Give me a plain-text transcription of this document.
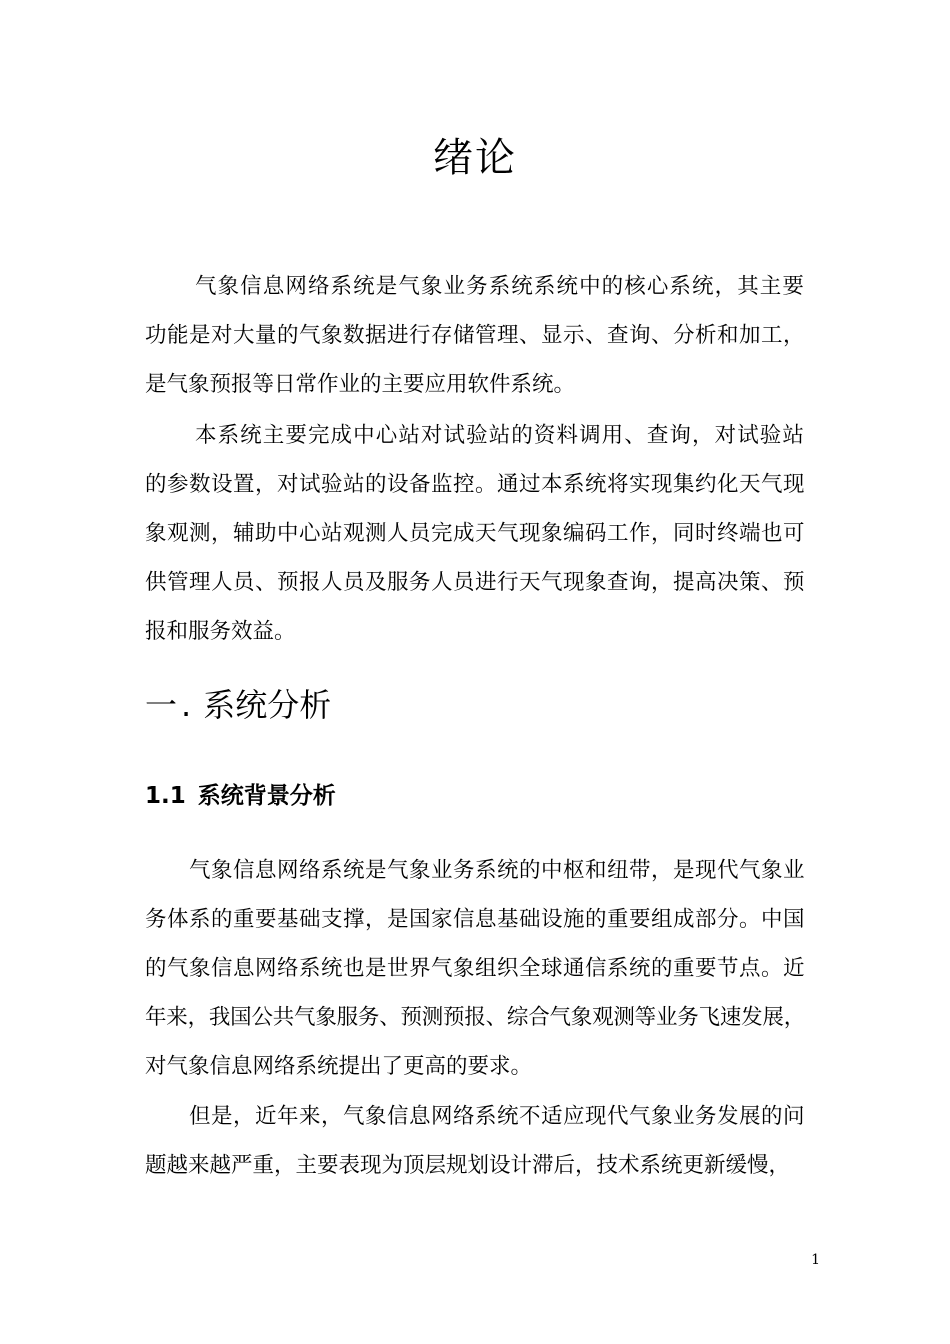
绪论
气象信息网络系统是气象业务系统系统中的核心系统，其主要
功能是对大量的气象数据进行存储管理、显示、查询、分析和加工，
是气象预报等日常作业的主要应用软件系统。
本系统主要完成中心站对试验站的资料调用、查询，对试验站
的参数设置，对试验站的设备监控。通过本系统将实现集约化天气现
象观测，辅助中心站观测人员完成天气现象编码工作，同时终端也可
供管理人员、预报人员及服务人员进行天气现象查询，提高决策、预
报和服务效益。
一 . 系统分析
1.1 系统背景分析
气象信息网络系统是气象业务系统的中枢和纽带，是现代气象业
务体系的重要基础支撑，是国家信息基础设施的重要组成部分。中国
的气象信息网络系统也是世界气象组织全球通信系统的重要节点。近
年来，我国公共气象服务、预测预报、综合气象观测等业务飞速发展，
对气象信息网络系统提出了更高的要求。
但是，近年来，气象信息网络系统不适应现代气象业务发展的问
题越来越严重，主要表现为顶层规划设计滞后，技术系统更新缓慢，
1
